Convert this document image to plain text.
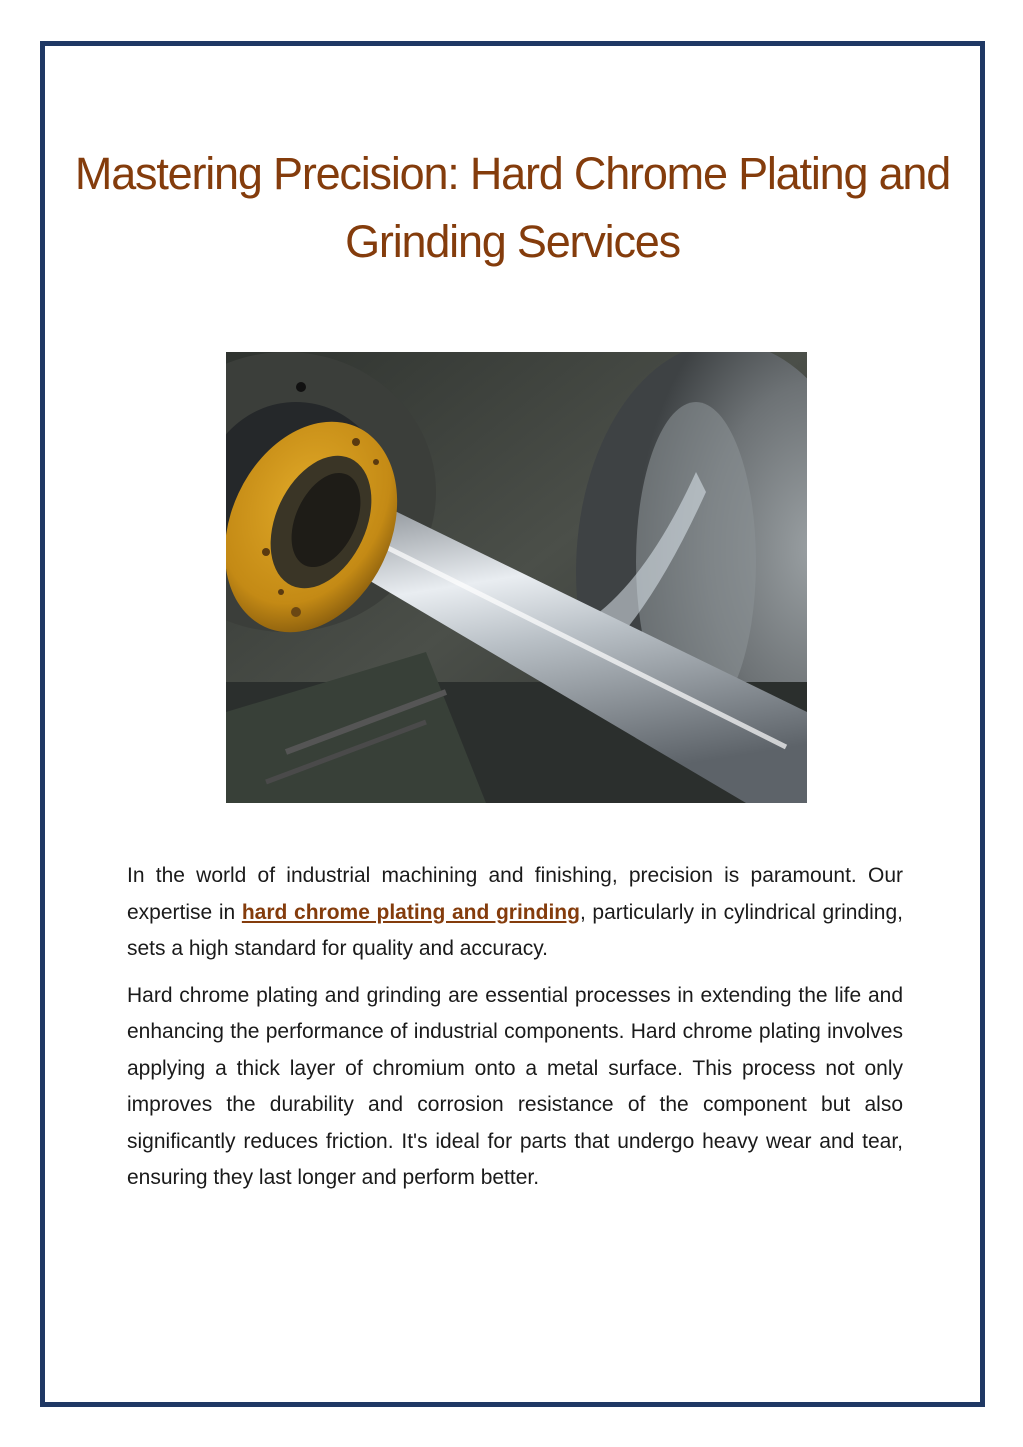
Mastering Precision: Hard Chrome Plating and Grinding Services

In the world of industrial machining and finishing, precision is paramount. Our expertise in hard chrome plating and grinding, particularly in cylindrical grinding, sets a high standard for quality and accuracy.

Hard chrome plating and grinding are essential processes in extending the life and enhancing the performance of industrial components. Hard chrome plating involves applying a thick layer of chromium onto a metal surface. This process not only improves the durability and corrosion resistance of the component but also significantly reduces friction. It's ideal for parts that undergo heavy wear and tear, ensuring they last longer and perform better.
